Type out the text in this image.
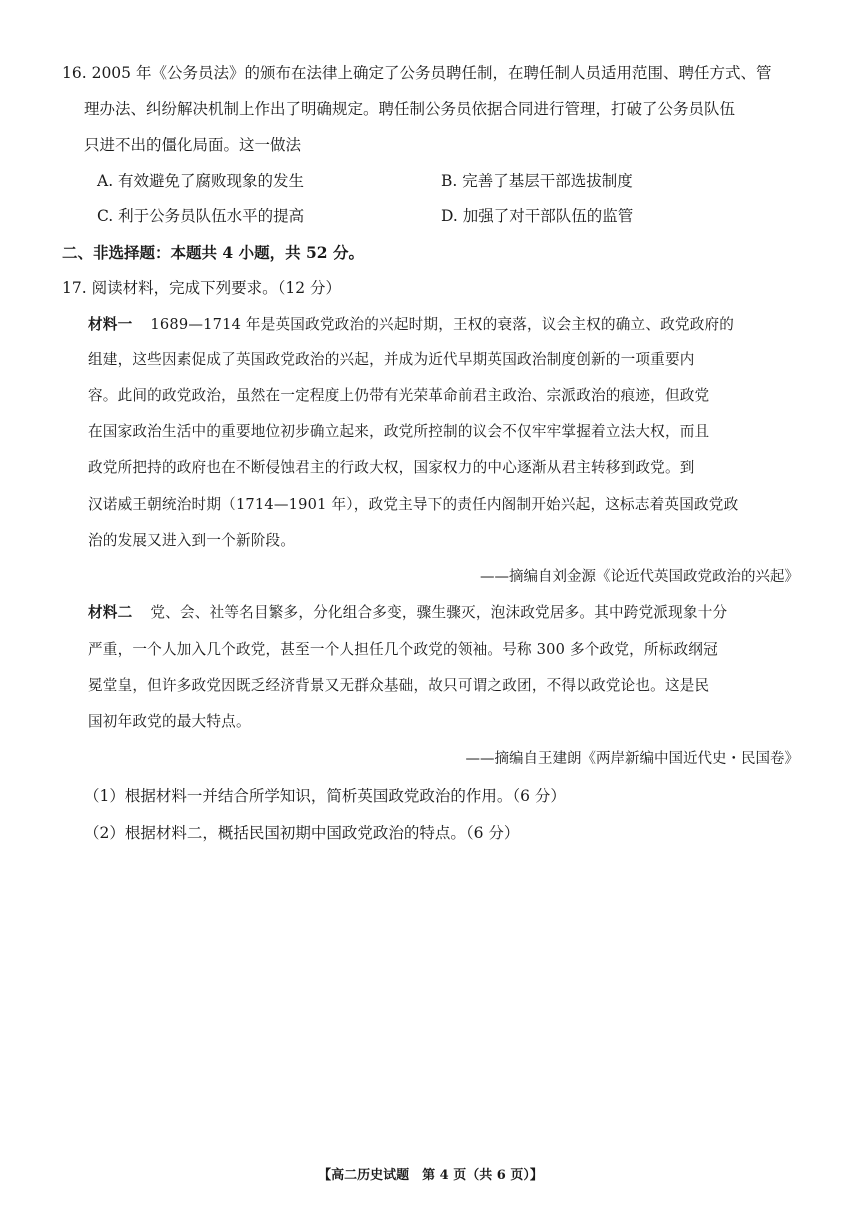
16. 2005 年《公务员法》的颁布在法律上确定了公务员聘任制，在聘任制人员适用范围、聘任方式、管
理办法、纠纷解决机制上作出了明确规定。聘任制公务员依据合同进行管理，打破了公务员队伍
只进不出的僵化局面。这一做法
A. 有效避免了腐败现象的发生	B. 完善了基层干部选拔制度
C. 利于公务员队伍水平的提高	D. 加强了对干部队伍的监管
二、非选择题：本题共 4 小题，共 52 分。
17. 阅读材料，完成下列要求。（12 分）
材料一 1689—1714 年是英国政党政治的兴起时期，王权的衰落，议会主权的确立、政党政府的
组建，这些因素促成了英国政党政治的兴起，并成为近代早期英国政治制度创新的一项重要内
容。此间的政党政治，虽然在一定程度上仍带有光荣革命前君主政治、宗派政治的痕迹，但政党
在国家政治生活中的重要地位初步确立起来，政党所控制的议会不仅牢牢掌握着立法大权，而且
政党所把持的政府也在不断侵蚀君主的行政大权，国家权力的中心逐渐从君主转移到政党。到
汉诺威王朝统治时期（1714—1901 年），政党主导下的责任内阁制开始兴起，这标志着英国政党政
治的发展又进入到一个新阶段。
——摘编自刘金源《论近代英国政党政治的兴起》
材料二 党、会、社等名目繁多，分化组合多变，骤生骤灭，泡沫政党居多。其中跨党派现象十分
严重，一个人加入几个政党，甚至一个人担任几个政党的领袖。号称 300 多个政党，所标政纲冠
冕堂皇，但许多政党因既乏经济背景又无群众基础，故只可谓之政团，不得以政党论也。这是民
国初年政党的最大特点。
——摘编自王建朗《两岸新编中国近代史・民国卷》
（1）根据材料一并结合所学知识，简析英国政党政治的作用。（6 分）
（2）根据材料二，概括民国初期中国政党政治的特点。（6 分）
【高二历史试题　第 4 页（共 6 页）】
